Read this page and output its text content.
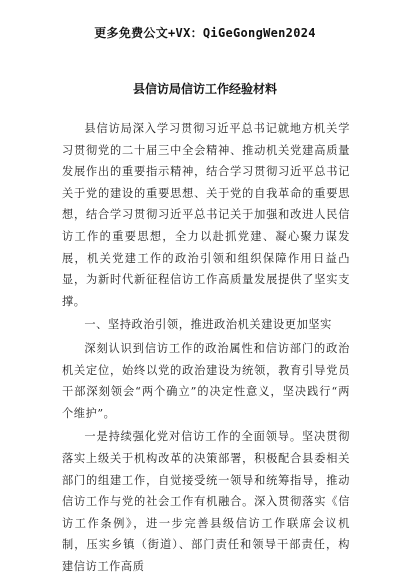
更多免费公文+VX：QiGeGongWen2024
县信访局信访工作经验材料

县信访局深入学习贯彻习近平总书记就地方机关学习贯彻党的二十届三中全会精神、推动机关党建高质量发展作出的重要指示精神，结合学习贯彻习近平总书记关于党的建设的重要思想、关于党的自我革命的重要思想，结合学习贯彻习近平总书记关于加强和改进人民信访工作的重要思想，全力以赴抓党建、凝心聚力谋发展，机关党建工作的政治引领和组织保障作用日益凸显，为新时代新征程信访工作高质量发展提供了坚实支撑。

一、坚持政治引领，推进政治机关建设更加坚实

深刻认识到信访工作的政治属性和信访部门的政治机关定位，始终以党的政治建设为统领，教育引导党员干部深刻领会“两个确立”的决定性意义，坚决践行“两个维护”。

一是持续强化党对信访工作的全面领导。坚决贯彻落实上级关于机构改革的决策部署，积极配合县委相关部门的组建工作，自觉接受统一领导和统筹指导，推动信访工作与党的社会工作有机融合。深入贯彻落实《信访工作条例》，进一步完善县级信访工作联席会议机制，压实乡镇（街道）、部门责任和领导干部责任，构建信访工作高质
